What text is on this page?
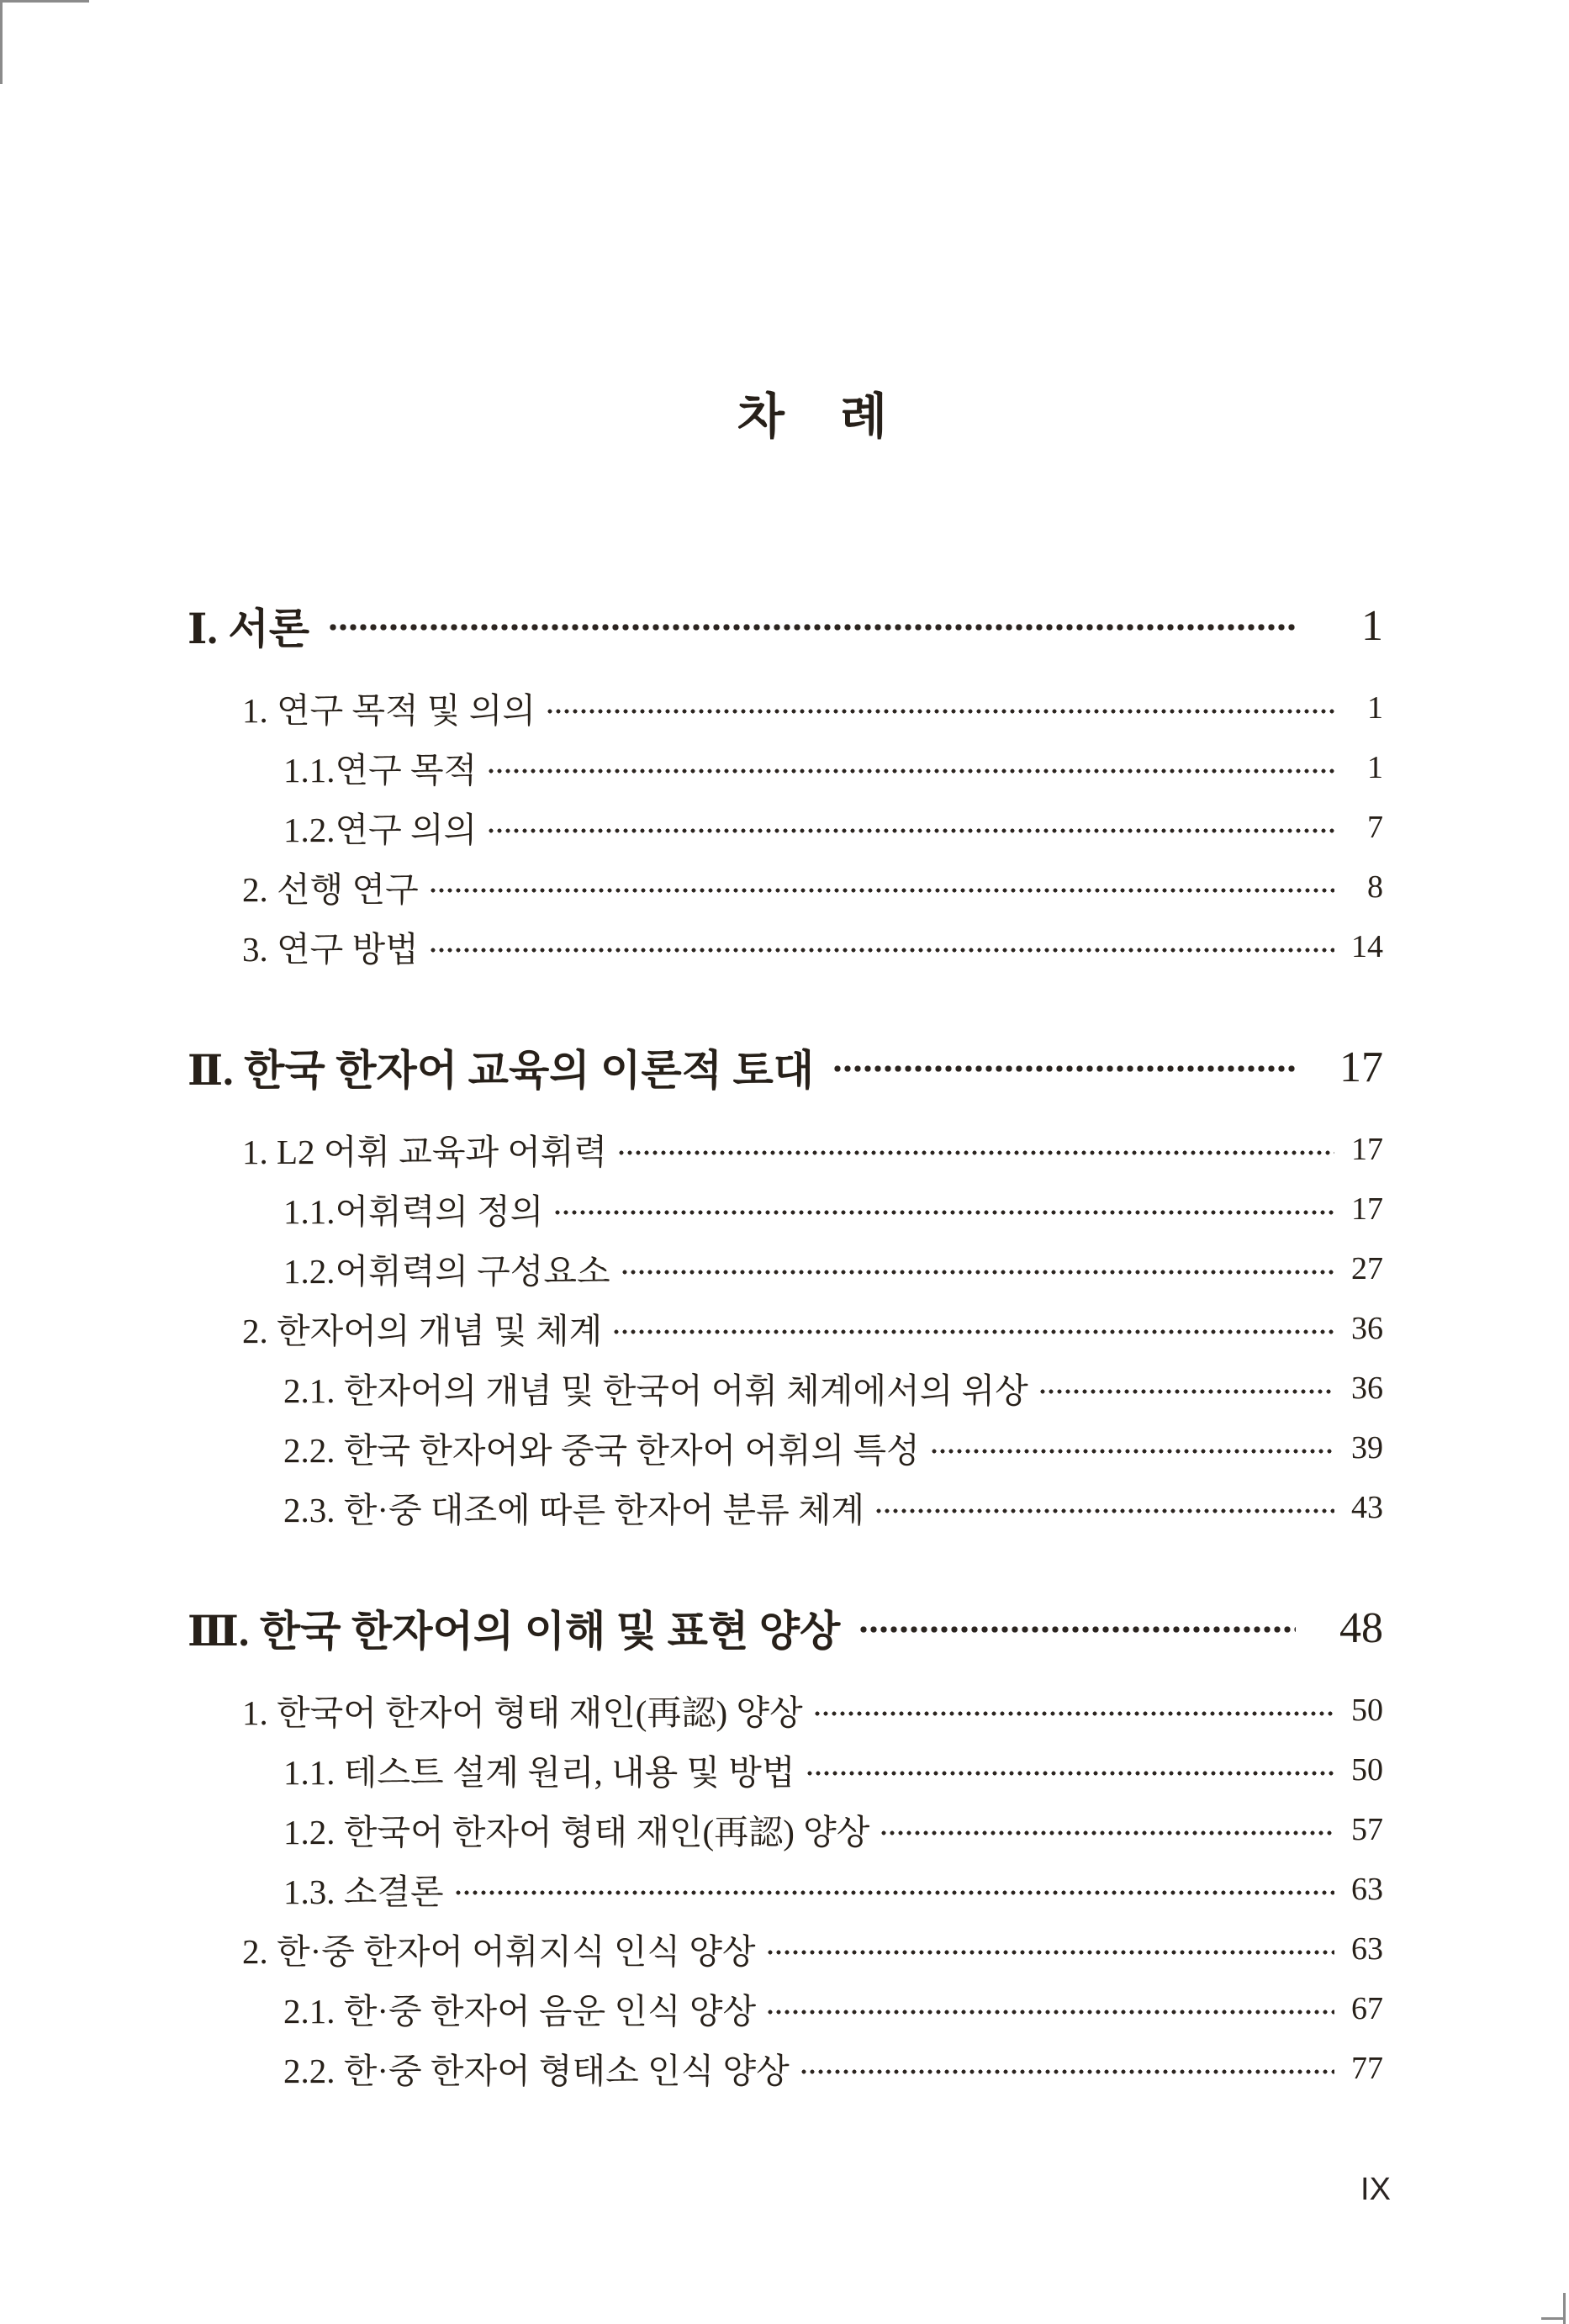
차 례
Ⅰ. 서론	1
1. 연구 목적 및 의의	1
1.1.연구 목적	1
1.2.연구 의의	7
2. 선행 연구	8
3. 연구 방법	14
Ⅱ. 한국 한자어 교육의 이론적 토대	17
1. L2 어휘 교육과 어휘력	17
1.1.어휘력의 정의	17
1.2.어휘력의 구성요소	27
2. 한자어의 개념 및 체계	36
2.1. 한자어의 개념 및 한국어 어휘 체계에서의 위상	36
2.2. 한국 한자어와 중국 한자어 어휘의 특성	39
2.3. 한·중 대조에 따른 한자어 분류 체계	43
Ⅲ. 한국 한자어의 이해 및 표현 양상	48
1. 한국어 한자어 형태 재인(再認) 양상	50
1.1. 테스트 설계 원리, 내용 및 방법	50
1.2. 한국어 한자어 형태 재인(再認) 양상	57
1.3. 소결론	63
2. 한·중 한자어 어휘지식 인식 양상	63
2.1. 한·중 한자어 음운 인식 양상	67
2.2. 한·중 한자어 형태소 인식 양상	77
IX
